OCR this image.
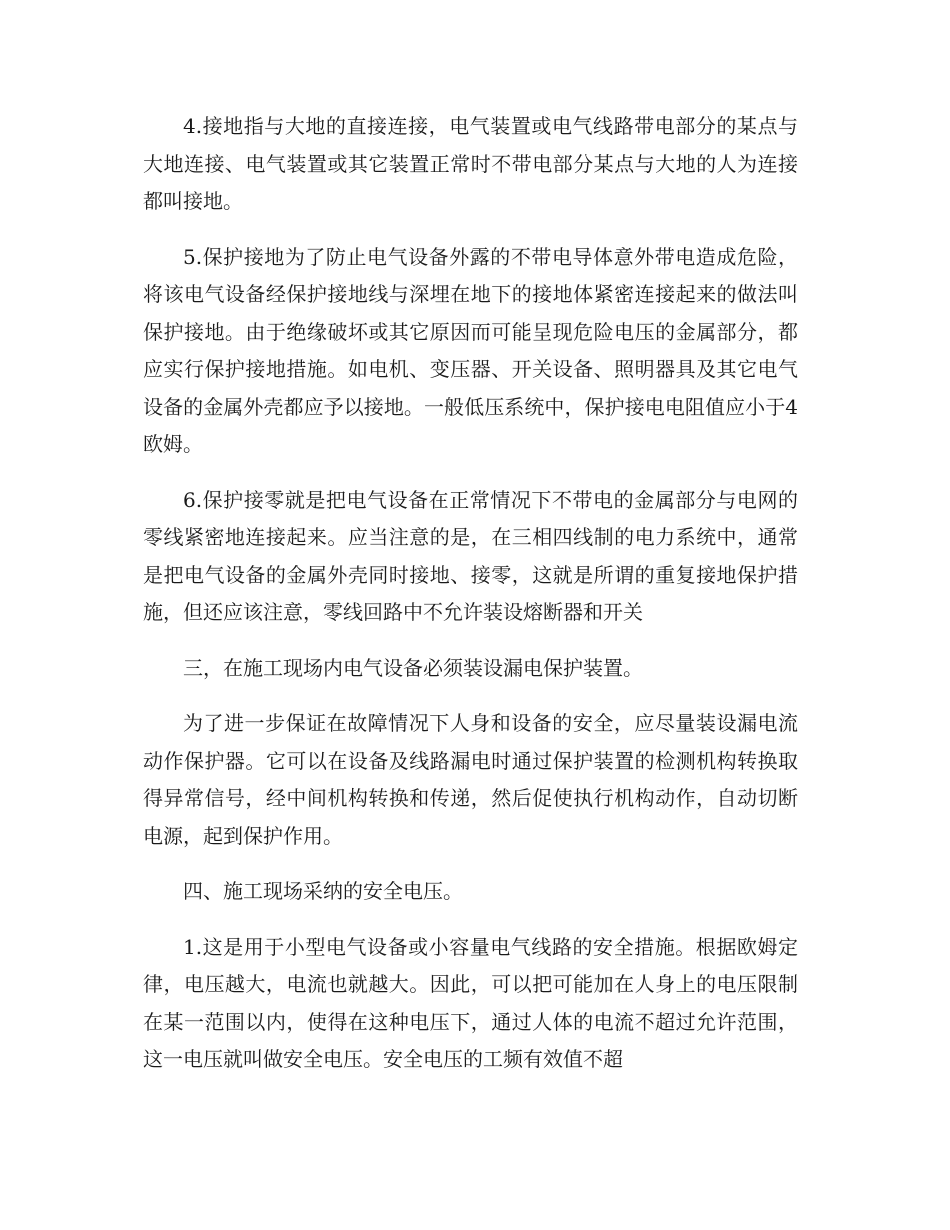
4.接地指与大地的直接连接，电气装置或电气线路带电部分的某点与大地连接、电气装置或其它装置正常时不带电部分某点与大地的人为连接都叫接地。

5.保护接地为了防止电气设备外露的不带电导体意外带电造成危险，将该电气设备经保护接地线与深埋在地下的接地体紧密连接起来的做法叫保护接地。由于绝缘破坏或其它原因而可能呈现危险电压的金属部分，都应实行保护接地措施。如电机、变压器、开关设备、照明器具及其它电气设备的金属外壳都应予以接地。一般低压系统中，保护接电电阻值应小于4欧姆。

6.保护接零就是把电气设备在正常情况下不带电的金属部分与电网的零线紧密地连接起来。应当注意的是，在三相四线制的电力系统中，通常是把电气设备的金属外壳同时接地、接零，这就是所谓的重复接地保护措施，但还应该注意，零线回路中不允许装设熔断器和开关

三，在施工现场内电气设备必须装设漏电保护装置。

为了进一步保证在故障情况下人身和设备的安全，应尽量装设漏电流动作保护器。它可以在设备及线路漏电时通过保护装置的检测机构转换取得异常信号，经中间机构转换和传递，然后促使执行机构动作，自动切断电源，起到保护作用。

四、施工现场采纳的安全电压。

1.这是用于小型电气设备或小容量电气线路的安全措施。根据欧姆定律，电压越大，电流也就越大。因此，可以把可能加在人身上的电压限制在某一范围以内，使得在这种电压下，通过人体的电流不超过允许范围，这一电压就叫做安全电压。安全电压的工频有效值不超
